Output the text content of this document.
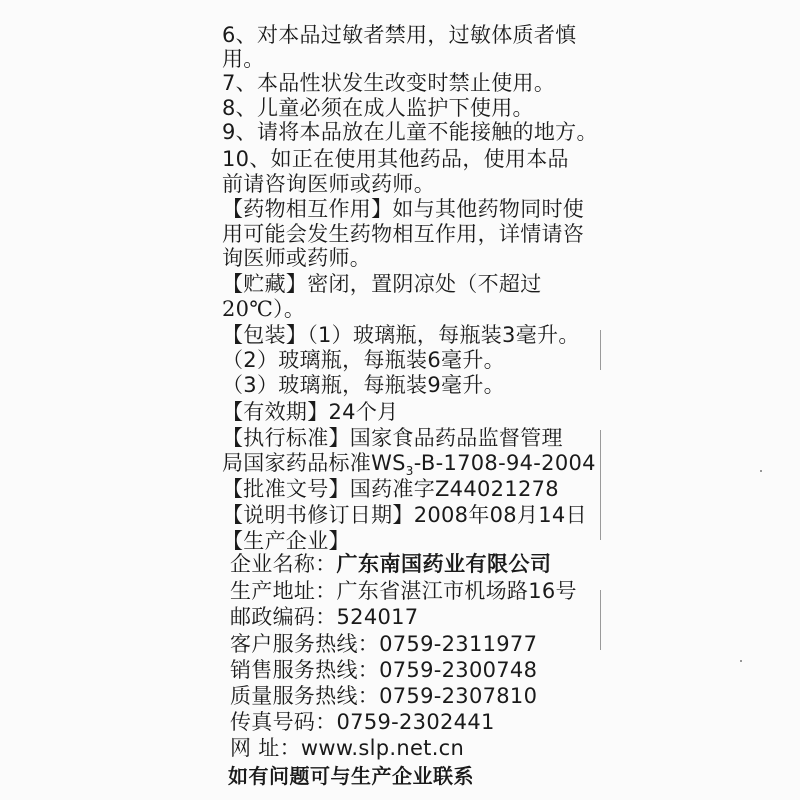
6、对本品过敏者禁用，过敏体质者慎
用。
7、本品性状发生改变时禁止使用。
8、儿童必须在成人监护下使用。
9、请将本品放在儿童不能接触的地方。
10、如正在使用其他药品，使用本品
前请咨询医师或药师。
【药物相互作用】如与其他药物同时使
用可能会发生药物相互作用，详情请咨
询医师或药师。
【贮藏】密闭，置阴凉处（不超过
20℃）。
【包装】（1）玻璃瓶，每瓶装3毫升。
（2）玻璃瓶，每瓶装6毫升。
（3）玻璃瓶，每瓶装9毫升。
【有效期】24个月
【执行标准】国家食品药品监督管理
局国家药品标准$WS_3-B-1708-94-2004$
【批准文号】国药准字Z44021278
【说明书修订日期】2008年08月14日
【生产企业】
企业名称：广东南国药业有限公司
生产地址：广东省湛江市机场路16号
邮政编码：524017
客户服务热线：0759-2311977
销售服务热线：0759-2300748
质量服务热线：0759-2307810
传真号码：0759-2302441
网 址：www.slp.net.cn
如有问题可与生产企业联系
